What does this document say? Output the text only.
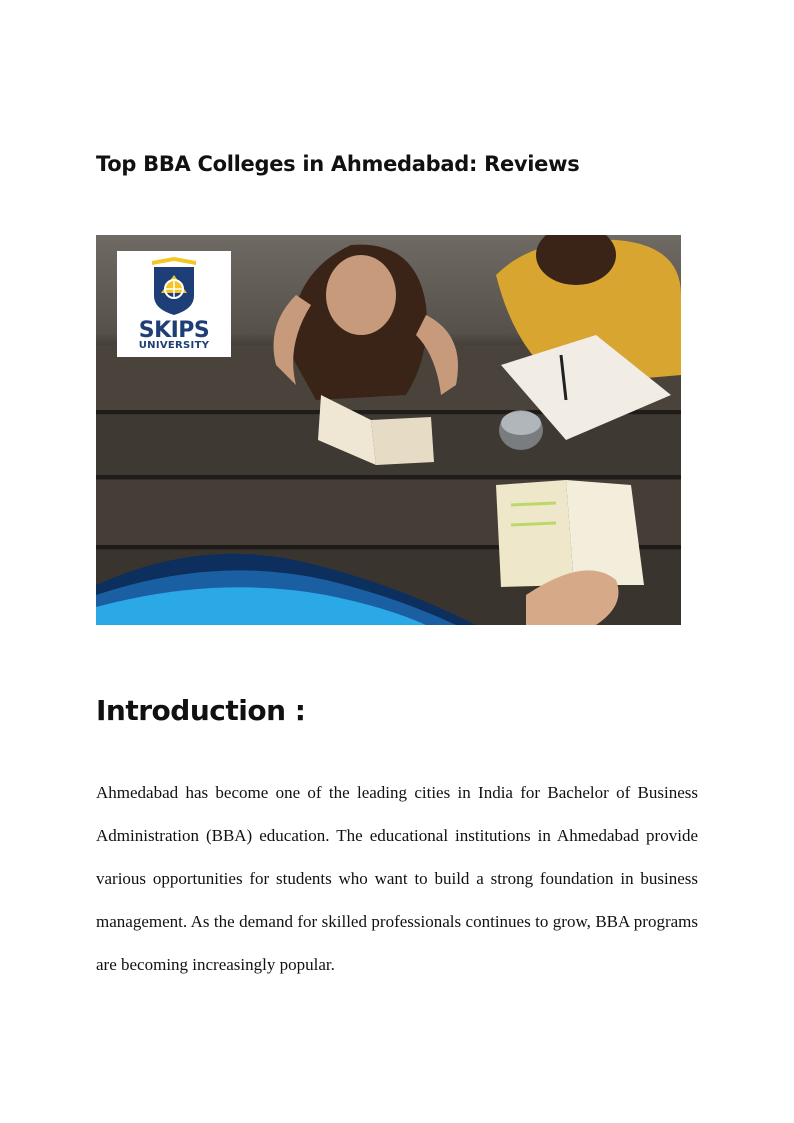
Top BBA Colleges in Ahmedabad: Reviews
SKIPS
UNIVERSITY
Introduction :

Ahmedabad has become one of the leading cities in India for Bachelor of Business Administration (BBA) education. The educational institutions in Ahmedabad provide various opportunities for students who want to build a strong foundation in business management. As the demand for skilled professionals continues to grow, BBA programs are becoming increasingly popular.
